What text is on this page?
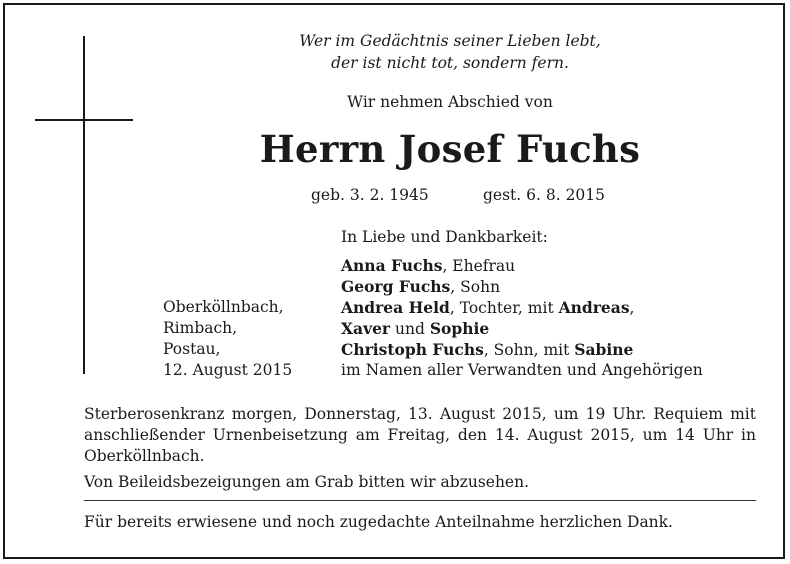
Wer im Gedächtnis seiner Lieben lebt,
der ist nicht tot, sondern fern.
Wir nehmen Abschied von
Herrn Josef Fuchs
geb. 3. 2. 1945	gest. 6. 8. 2015
In Liebe und Dankbarkeit:
Oberköllnbach,
Rimbach,
Postau,
12. August 2015
Anna Fuchs, Ehefrau
Georg Fuchs, Sohn
Andrea Held, Tochter, mit Andreas,
Xaver und Sophie
Christoph Fuchs, Sohn, mit Sabine
im Namen aller Verwandten und Angehörigen
Sterberosenkranz morgen, Donnerstag, 13. August 2015, um 19 Uhr. Requiem mit anschließender Urnenbeisetzung am Freitag, den 14. August 2015, um 14 Uhr in Oberköllnbach.
Von Beileidsbezeigungen am Grab bitten wir abzusehen.
Für bereits erwiesene und noch zugedachte Anteilnahme herzlichen Dank.
